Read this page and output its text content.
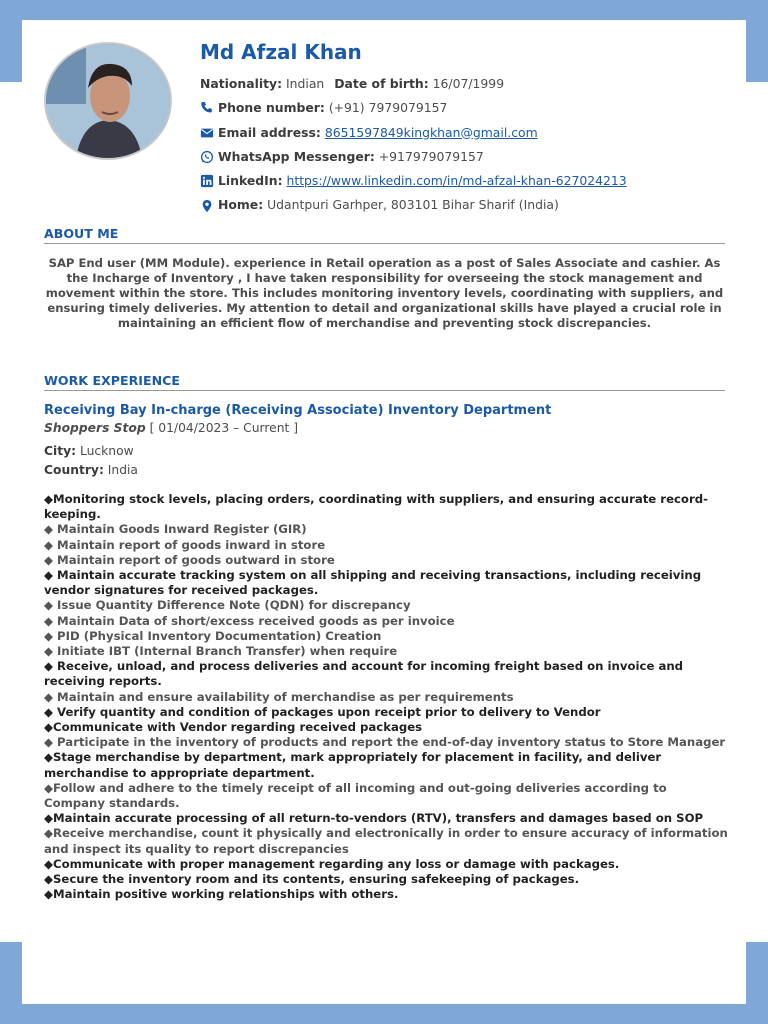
Md Afzal Khan
Nationality:
Indian Date of birth:
16/07/1999
Phone number:
(+91) 7979079157
Email address:
8651597849kingkhan@gmail.com
WhatsApp Messenger:
+917979079157
LinkedIn:
https://www.linkedin.com/in/md-afzal-khan-627024213
Home:
Udantpuri Garhper, 803101 Bihar Sharif (India)
ABOUT ME

SAP End user (MM Module). experience in Retail operation as a post of Sales Associate and cashier. As the Incharge of Inventory , I have taken responsibility for overseeing the stock management and movement within the store. This includes monitoring inventory levels, coordinating with suppliers, and ensuring timely deliveries. My attention to detail and organizational skills have played a crucial role in maintaining an efficient flow of merchandise and preventing stock discrepancies.

WORK EXPERIENCE
Receiving Bay In-charge (Receiving Associate) Inventory Department
Shoppers Stop [ 01/04/2023 – Current ]
City: Lucknow
Country: India
◆Monitoring stock levels, placing orders, coordinating with suppliers, and ensuring accurate record-keeping.
◆ Maintain Goods Inward Register (GIR)
◆ Maintain report of goods inward in store
◆ Maintain report of goods outward in store
◆ Maintain accurate tracking system on all shipping and receiving transactions, including receiving vendor signatures for received packages.
◆ Issue Quantity Difference Note (QDN) for discrepancy
◆ Maintain Data of short/excess received goods as per invoice
◆ PID (Physical Inventory Documentation) Creation
◆ Initiate IBT (Internal Branch Transfer) when require
◆ Receive, unload, and process deliveries and account for incoming freight based on invoice and receiving reports.
◆ Maintain and ensure availability of merchandise as per requirements
◆ Verify quantity and condition of packages upon receipt prior to delivery to Vendor
◆Communicate with Vendor regarding received packages
◆ Participate in the inventory of products and report the end-of-day inventory status to Store Manager
◆Stage merchandise by department, mark appropriately for placement in facility, and deliver merchandise to appropriate department.
◆Follow and adhere to the timely receipt of all incoming and out-going deliveries according to Company standards.
◆Maintain accurate processing of all return-to-vendors (RTV), transfers and damages based on SOP
◆Receive merchandise, count it physically and electronically in order to ensure accuracy of information and inspect its quality to report discrepancies
◆Communicate with proper management regarding any loss or damage with packages.
◆Secure the inventory room and its contents, ensuring safekeeping of packages.
◆Maintain positive working relationships with others.
